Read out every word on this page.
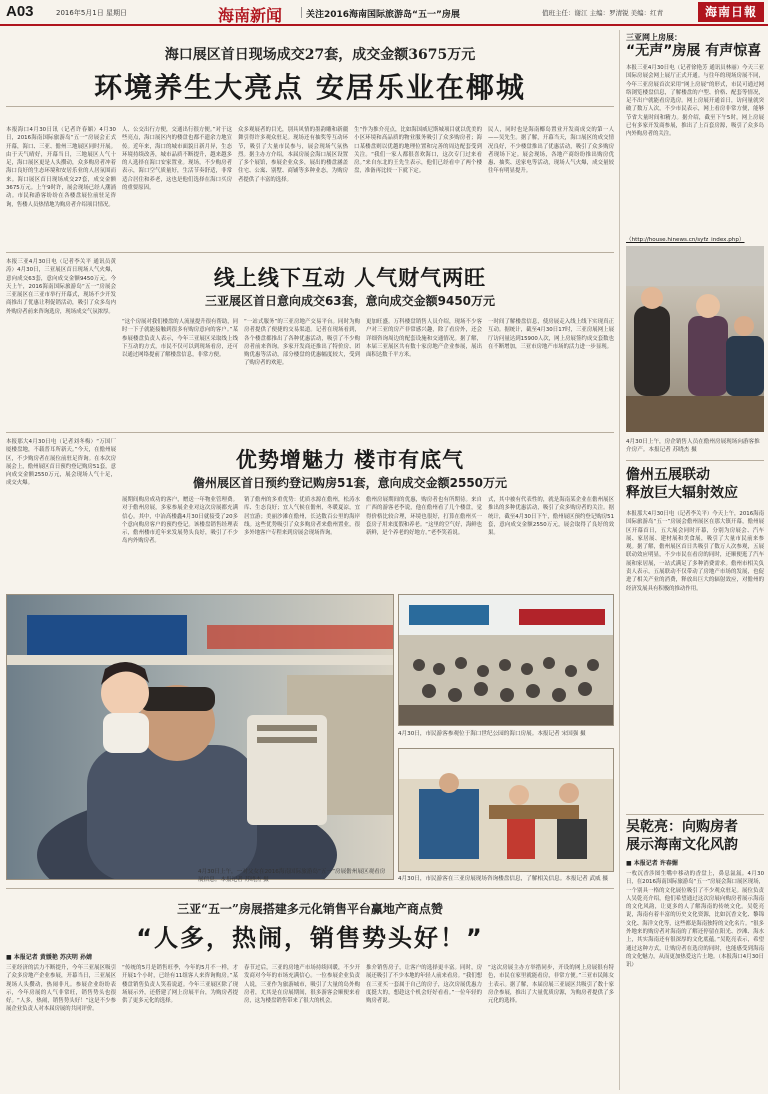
A03	2016年5月1日 星期日	海南新闻	关注2016海南国际旅游岛“五一”房展	值班主任：谢江 主编：罗清锐 美编：红青	海南日報
海口展区首日现场成交27套，成交金额3675万元
环境养生大亮点 安居乐业在椰城
本报海口4月30日讯（记者许春媚）4月30日，2016海南国际旅游岛“五一”房展会正式开幕，海口、三亚、儋州三地展区同时开展。由于天气晴好，开幕当日，三地展区人气十足，海口展区更是人头攒动，众多购房者冲着海口良好的生态环境和安居乐业的人居氛围而来。海口展区首日现场成交27套，成交金额3675万元。上午9时许，展会现场已经人潮涌动。市民和游客纷纷在各楼盘展位前驻足咨询，售楼人员热情地为购房者介绍项目情况。
人、公交出行方便，交通出行很方便。”对于这些亮点，海口展区内的楼盘也都不遗余力地宣传。近年来，海口的城市面貌日新月异，生态环境持续改善，城市品质不断提升，越来越多的人选择在海口安家置业。现场，不少购房者表示，海口空气质量好，生活节奏舒适，非常适合居住和养老，这也是他们选择在海口买房的重要原因。
众多观展者的目光，别具风情的墨韵雕和新疆舞引得许多观众驻足。现场还有抽奖等互动环节，吸引了大量市民参与，展会现场气氛热烈。据主办方介绍，本届房展会海口展区设置了多个展馆，参展企业众多，展出的楼盘涵盖住宅、公寓、别墅、商铺等多种业态，为购房者提供了丰富的选择。
生“作为推介亮点，比如海国威尼斯城项目就以优美的小区环境和高品质的物业服务吸引了众多购房者；海口某楼盘则以优越的地理位置和完善的周边配套受到关注。“我们一家人都很喜欢海口，这次专门过来看房。”来自东北的王先生表示，他们已经看中了两个楼盘，准备再比较一下就下定。
民人，同时也是海南椰岛置业开发商成交的第一人——吴先生。据了解，开幕当天，海口展区的成交情况良好，不少楼盘推出了优惠活动，吸引了众多购房者现场下定。展会现场，各地产商纷纷推出购房优惠、抽奖、送家电等活动，现场人气火爆，成交量较往年有明显提升。
三亚网上房展：
“无声”房展 有声惊喜
本报三亚4月30日电（记者徐艳芳 通讯员林丽）今天三亚国际房展会网上展厅正式开通。与往年的现场房展不同，今年三亚房展首次采用“网上房展”的形式，市民可通过网络浏览楼盘信息，了解楼盘的户型、价格、配套等情况，足不出户就能看房选房。网上房展开通首日，访问量就突破了数万人次，不少市民表示，网上看房非常方便，能够节省大量时间和精力。据介绍，截至下午5时，网上房展已有多家开发商参展，推出了上百套房源，吸引了众多岛内外购房者的关注。
（http://house.hinews.cn/syfz_index.php）
本报三亚4月30日电（记者李关平 通讯员黄涛）4月30日，三亚展区首日现场人气火爆，意向成交63套，意向成交金额9450万元。今天上午，2016海南国际旅游岛“五一”房展会三亚展区在三亚市举行开幕式，现场不少开发商推出了优惠让利促销活动，吸引了众多岛内外购房者前来咨询选房，现场成交气氛浓厚。
线上线下互动 人气财气两旺
三亚展区首日意向成交63套，意向成交金额9450万元
“这个房展对我们楼盘的人流量提升很有帮助，同时一下子就能接触到很多有购房意向的客户。”某参展楼盘负责人表示，今年三亚展区采取线上线下互动的方式，市民不仅可以到现场看房，还可以通过网络提前了解楼盘信息，非常方便。
“一站式服务”的三亚房地产交易平台。同时为购房者提供了便捷的交易渠道。记者在现场看到，各个楼盘都推出了各种优惠活动，吸引了不少购房者前来咨询。多家开发商还推出了特价房、团购优惠等活动，部分楼盘的优惠幅度较大，受到了购房者的欢迎。
更加旺盛。万科楼盘销售人员介绍，现场不少客户对三亚的房产非常感兴趣，除了看房外，还会详细咨询周边的配套设施和交通情况。据了解，本届三亚展区共有数十家房地产企业参展，展出面积达数千平方米。
一时间了解楼盘信息，使房展走入线上线下实现真正互动。据统计，截至4月30日17时，三亚房展网上展厅访问量达到15900人次，网上房展签约成交套数也在不断增加，三亚市房地产市场的活力进一步显现。
4月30日上午，房企销售人员在儋州房展现场向游客推介房产。本报记者 苏晓杰 摄
本报那大4月30日电（记者刘冬梅）“万国厂厦楼盘地，不载普耳所新天。”今天，在儋州展区，不少购房者在展位前驻足咨询。在本次房展会上，儋州展区首日预约登记购房51套，意向成交金额2550万元，展会现场人气十足，成交火爆。
优势增魅力 楼市有底气
儋州展区首日预约登记购房51套，意向成交金额2550万元
展期间购房成功的客户，赠送一年物业管理费。对于儋州房展，多家参展企业对这次房展都充满信心。其中，中冶高楼鑫4月30日就接受了20多个意向购房客户的预约登记。该楼盘销售经理表示，儋州楼市近年来发展势头良好，吸引了不少岛内外购房者。
销了儋州的多重优势：优质水源在儋州，松涛水库、生态良好；宜人气候在儋州，冬暖夏凉，宜居宜游；美丽沙滩在儋州，长达数百公里的海岸线。这些优势吸引了众多购房者来儋州置业，很多外地客户专程来到房展会现场咨询。
儋州房展期间的优惠，购房者也有所期待。来自广西的游客老李说，他在儋州看了几个楼盘，觉得价格比较合理，环境也很好，打算在儋州买一套房子用来度假和养老。“这里的空气好，海鲜也新鲜，是个养老的好地方。”老李笑着说。
式，其中被有代表性的，就是海南某企业在儋州展区推出的多种优惠活动，吸引了众多购房者的关注。据统计，截至4月30日下午，儋州展区预约登记购房51套，意向成交金额2550万元，展会取得了良好的效果。
儋州五展联动
释放巨大辐射效应
本报那大4月30日电（记者李关平）今天上午，2016海南国际旅游岛“五一”房展会儋州展区在那大镇开幕，儋州展区开幕首日，五大展会同时开幕，分别为房展会、汽车展、家居展、建材展和美食展，吸引了大量市民前来参观。据了解，儋州展区首日共吸引了数万人次参观，五展联动效应明显，不少市民在看房的同时，还顺便逛了汽车展和家居展，一站式满足了多种消费需求。儋州市相关负责人表示，五展联动不仅带动了房地产市场的发展，也促进了相关产业的消费，释放出巨大的辐射效应，对儋州的经济发展具有积极的推动作用。
4月30日上午，一对父女在2016海南国际旅游岛“五一”房展儋州展区观看房展信息。本报记者 苏晓杰 摄
4月30日，市民游客参观位于海口世纪公园的海口房展。本报记者 宋国强 摄
4月30日，市民游客在三亚房展现场咨询楼盘信息，了解相关信息。本报记者 武威 摄
三亚“五一”房展搭建多元化销售平台赢地产商点赞
“人多，热闹，销售势头好！”
■ 本报记者 黄媛艳 苏庆明 孙婧
三亚经济的活力不断提升，今年三亚展区吸引了众多房地产企业参展，开幕当日，三亚展区现场人头攒动，热闹非凡。参展企业纷纷表示，今年房展的人气非常旺，销售势头也很好。“人多，热闹，销售势头好！”这是不少参展企业负责人对本届房展的共同评价。
“传统的5月是销售旺季，今年的5月不一样，才开展1个小时，已经有11组客人来咨询购房。”某楼盘销售负责人笑着说道。今年三亚展区除了现场展示外，还搭建了网上房展平台，为购房者提供了更多元化的选择。
春节过后，三亚的房地产市场持续回暖，不少开发商对今年的市场充满信心。一位参展企业负责人说，三亚作为旅游城市，吸引了大量的岛外购房者，尤其是在房展期间，很多游客会顺便来看房，这为楼盘销售带来了很大的机会。
推介销售房子，让客户的选择更丰富。同时，房展还吸引了不少本地的年轻人前来看房。“我们想在三亚买一套属于自己的房子，这次房展优惠力度挺大的，想趁这个机会好好看看。”一位年轻的购房者说。
“这次房展主办方举措同步，开设的网上房展很有特色，市民在家里就能看房，非常方便。”三亚市民陈女士表示。据了解，本届房展三亚展区共吸引了数十家房企参展，推出了大量优质房源，为购房者提供了多元化的选择。
吴乾亮：向购房者
展示海南文化风韵
■ 本报记者 许春媚
一枚沉香涉图生嘴中移动的香盘上，鼻息氤氲。4月30日，在2016海南国际旅游岛“五一”房展会海口展区现场，一个别具一格的文化展位吸引了不少观众驻足。展位负责人吴乾亮介绍，他们希望通过这次房展向购房者展示海南的文化风韵，让更多的人了解海南的传统文化。吴乾亮说，海南有着丰富的历史文化资源，比如沉香文化、黎锦文化、海洋文化等，这些都是海南独特的文化名片。“很多外地来的购房者对海南的了解还停留在阳光、沙滩、海水上，其实海南还有很深厚的文化底蕴。”吴乾亮表示，希望通过这种方式，让购房者在选房的同时，也能感受到海南的文化魅力，从而更加热爱这片土地。（本报海口4月30日讯）
